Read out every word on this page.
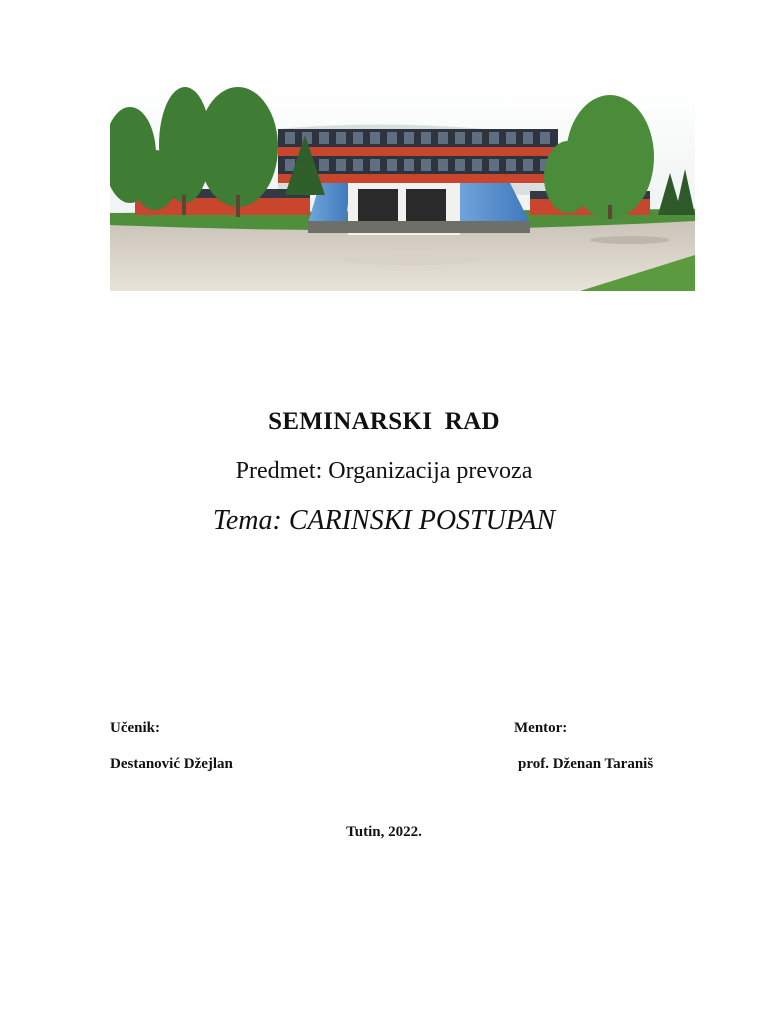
SEMINARSKI RAD
Predmet: Organizacija prevoza
Tema: CARINSKI POSTUPAN
Učenik:
Destanović Džejlan
Mentor:
prof. Dženan Taraniš
Tutin, 2022.
